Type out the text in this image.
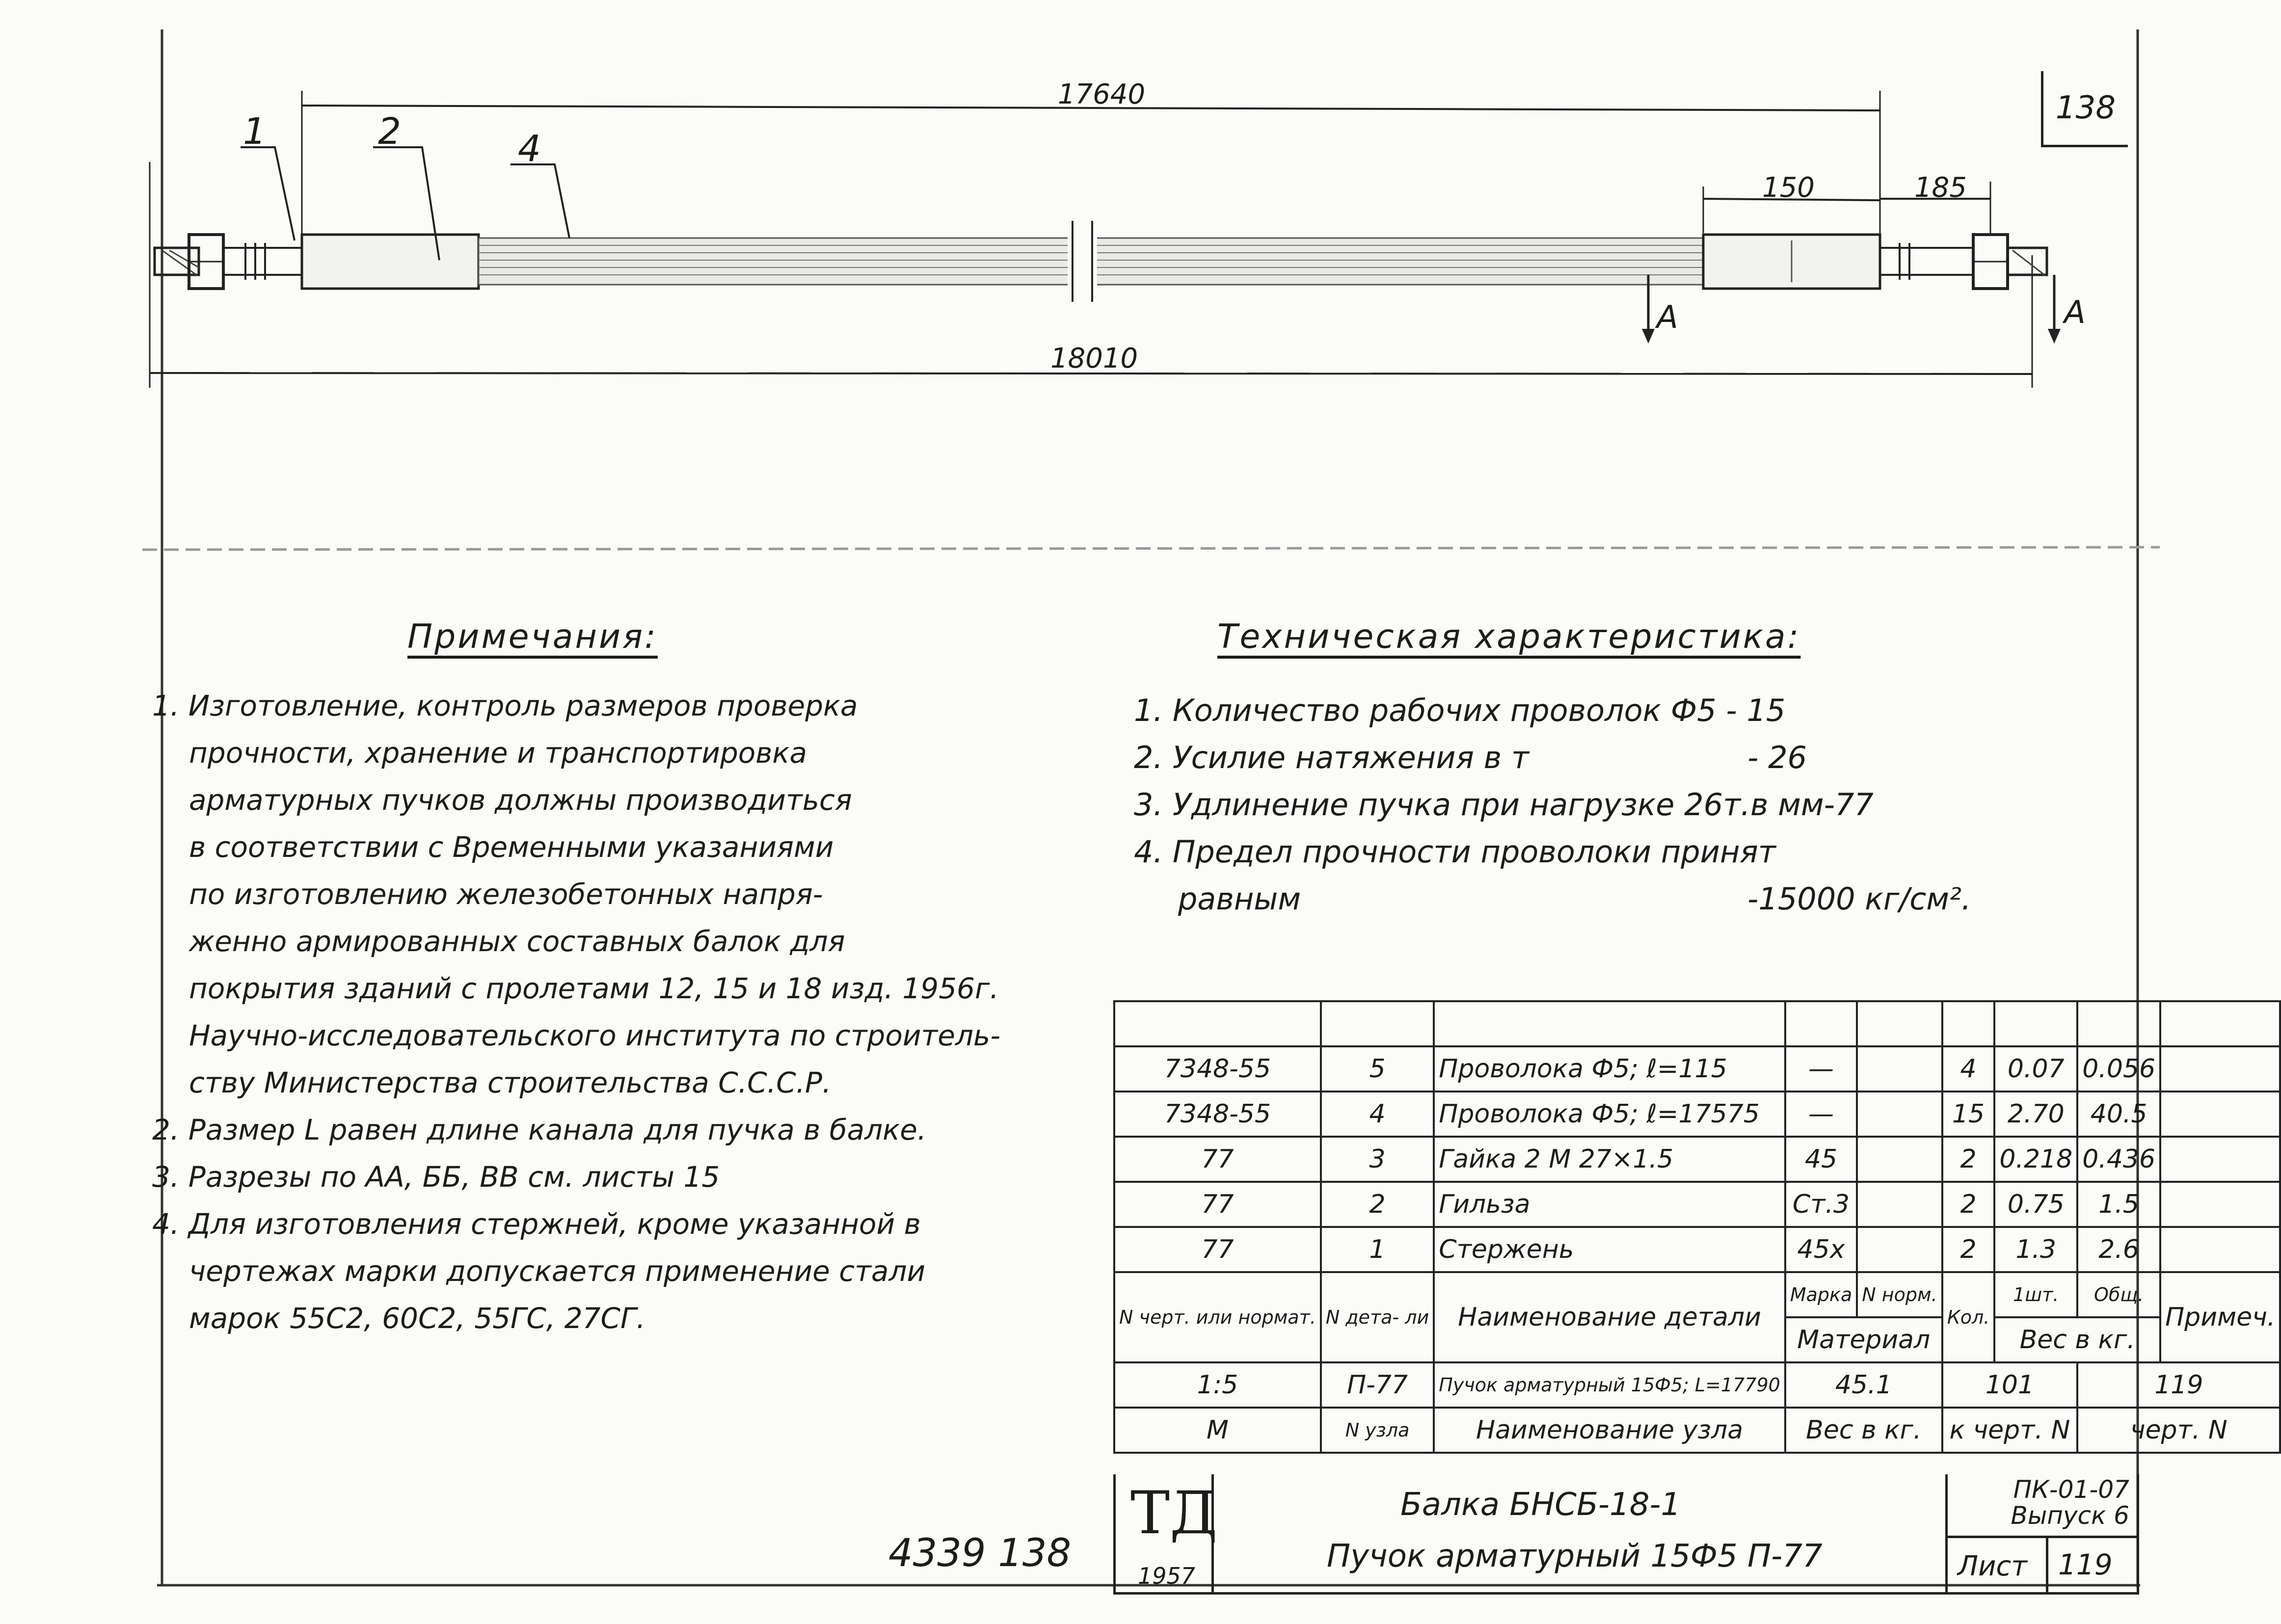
138
17640
18010
150	185
1	2	4
А	А
Примечания:
1. Изготовление, контроль размеров проверка
прочности, хранение и транспортировка
арматурных пучков должны производиться
в соответствии с Временными указаниями
по изготовлению железобетонных напря-
женно армированных составных балок для
покрытия зданий с пролетами 12, 15 и 18 изд. 1956г.
Научно-исследовательского института по строитель-
ству Министерства строительства С.С.С.Р.
2. Размер L равен длине канала для пучка в балке.
3. Разрезы по АА, ББ, ВВ см. листы 15
4. Для изготовления стержней, кроме указанной в
чертежах марки допускается применение стали
марок 55С2, 60С2, 55ГС, 27СГ.
Техническая характеристика:
1. Количество рабочих проволок Ф5 - 15
2. Усилие натяжения в т	- 26
3. Удлинение пучка при нагрузке 26т.в мм-77
4. Предел прочности проволоки принят
равным	-15000 кг/см².

7348-55	5	Проволока Ф5; ℓ=115	—		4	0.07	0.056	
7348-55	4	Проволока Ф5; ℓ=17575	—		15	2.70	40.5	
77	3	Гайка 2 М 27×1.5	45		2	0.218	0.436	
77	2	Гильза	Ст.3		2	0.75	1.5	
77	1	Стержень	45х		2	1.3	2.6	
N черт. или нормат.	N дета- ли	Наименование детали	Марка	N норм.	Кол.	1шт.	Общ.	Примеч.
			Материал			Вес в кг.		
1:5	П-77	Пучок арматурный 15Ф5; L=17790	45.1		101		119	
М	N узла	Наименование узла	Вес в кг.		к черт. N		черт. N	
ТД
1957
Балка БНСБ-18-1
Пучок арматурный 15Ф5 П-77
ПК-01-07
Выпуск 6
Лист 119
4339 138
